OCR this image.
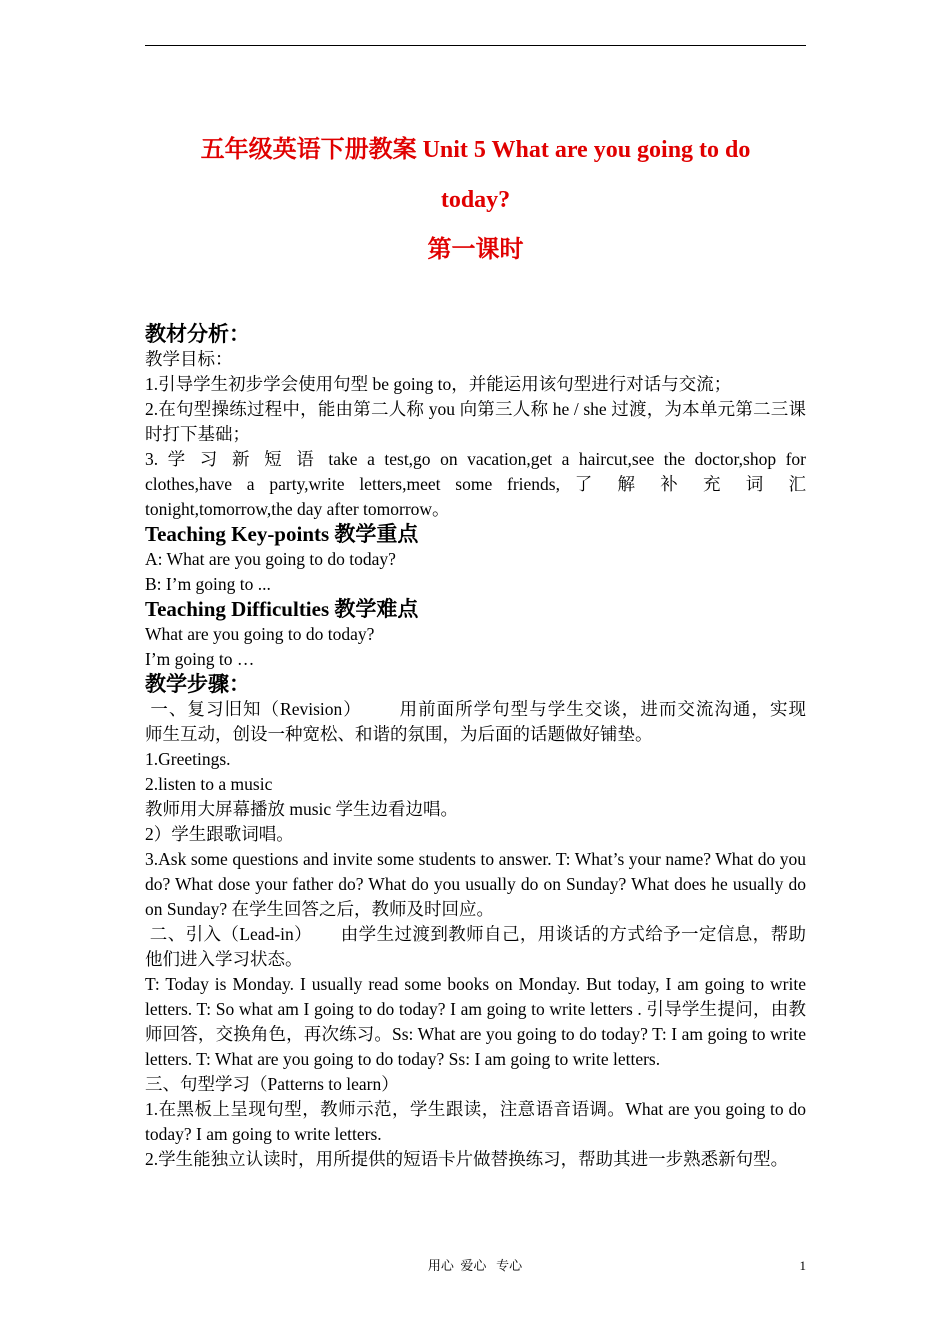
五年级英语下册教案 Unit 5 What are you going to do
today?
第一课时

教材分析：

教学目标：

1.引导学生初步学会使用句型 be going to，并能运用该句型进行对话与交流；

2.在句型操练过程中，能由第二人称 you 向第三人称 he / she 过渡，为本单元第二三课时打下基础；

3. 学 习 新 短 语 take a test,go on vacation,get a haircut,see the doctor,shop for

clothes,have a party,write letters,meet some friends, 了 解 补 充 词 汇

tonight,tomorrow,the day after tomorrow。

Teaching Key-points 教学重点

A: What are you going to do today?

B: I’m going to ...

Teaching Difficulties 教学难点

What are you going to do today?

I’m going to …

教学步骤：

一、复习旧知（Revision）       用前面所学句型与学生交谈，进而交流沟通，实现

师生互动，创设一种宽松、和谐的氛围，为后面的话题做好铺垫。

1.Greetings.

2.listen to a music

教师用大屏幕播放 music 学生边看边唱。

2）学生跟歌词唱。

3.Ask some questions and invite some students to answer. T: What’s your name? What do you do? What dose your father do? What do you usually do on Sunday? What does he usually do on Sunday? 在学生回答之后，教师及时回应。

二、引入（Lead-in）      由学生过渡到教师自己，用谈话的方式给予一定信息，帮助他们进入学习状态。

T: Today is Monday. I usually read some books on Monday. But today, I am going to write letters. T: So what am I going to do today? I am going to write letters . 引导学生提问，由教师回答，交换角色，再次练习。Ss: What are you going to do today? T: I am going to write letters. T: What are you going to do today? Ss: I am going to write letters.

三、句型学习（Patterns to learn）

1.在黑板上呈现句型，教师示范，学生跟读，注意语音语调。What are you going to do today? I am going to write letters.

2.学生能独立认读时，用所提供的短语卡片做替换练习，帮助其进一步熟悉新句型。

用心  爱心   专心	1
